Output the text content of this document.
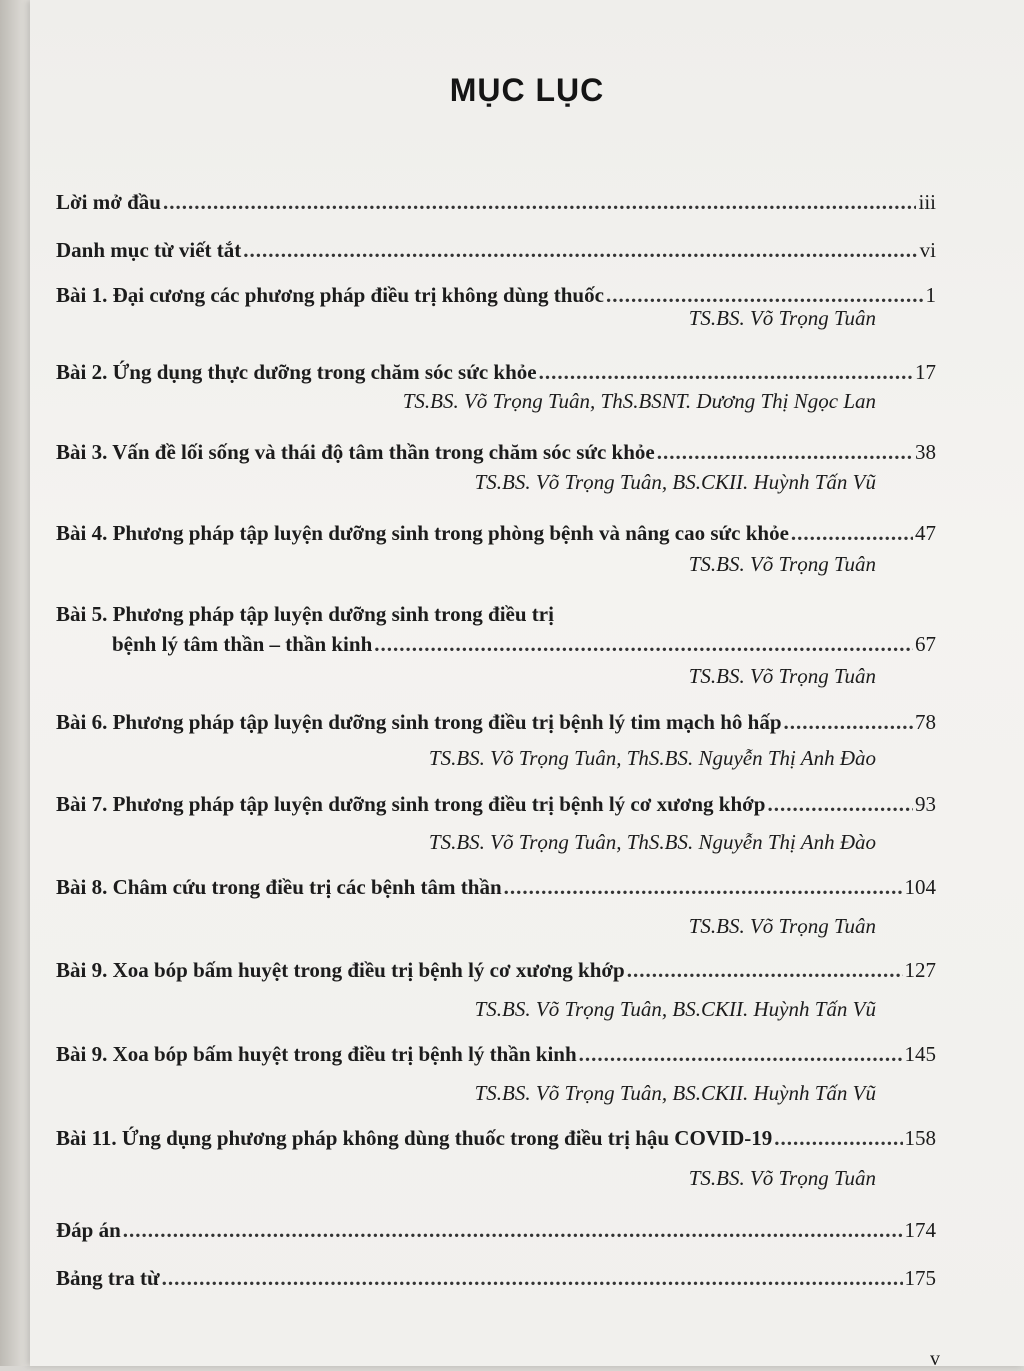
MỤC LỤC
Lời mở đầu .....	iii
Danh mục từ viết tắt .....	vi
Bài 1. Đại cương các phương pháp điều trị không dùng thuốc .....	1
TS.BS. Võ Trọng Tuân
Bài 2. Ứng dụng thực dưỡng trong chăm sóc sức khỏe .....	17
TS.BS. Võ Trọng Tuân, ThS.BSNT. Dương Thị Ngọc Lan
Bài 3. Vấn đề lối sống và thái độ tâm thần trong chăm sóc sức khỏe .....	38
TS.BS. Võ Trọng Tuân, BS.CKII. Huỳnh Tấn Vũ
Bài 4. Phương pháp tập luyện dưỡng sinh trong phòng bệnh và nâng cao sức khỏe .....	47
TS.BS. Võ Trọng Tuân
Bài 5. Phương pháp tập luyện dưỡng sinh trong điều trị
bệnh lý tâm thần – thần kinh .....	67
TS.BS. Võ Trọng Tuân
Bài 6. Phương pháp tập luyện dưỡng sinh trong điều trị bệnh lý tim mạch hô hấp .....	78
TS.BS. Võ Trọng Tuân, ThS.BS. Nguyễn Thị Anh Đào
Bài 7. Phương pháp tập luyện dưỡng sinh trong điều trị bệnh lý cơ xương khớp .....	93
TS.BS. Võ Trọng Tuân, ThS.BS. Nguyễn Thị Anh Đào
Bài 8. Châm cứu trong điều trị các bệnh tâm thần .....	104
TS.BS. Võ Trọng Tuân
Bài 9. Xoa bóp bấm huyệt trong điều trị bệnh lý cơ xương khớp .....	127
TS.BS. Võ Trọng Tuân, BS.CKII. Huỳnh Tấn Vũ
Bài 9. Xoa bóp bấm huyệt trong điều trị bệnh lý thần kinh .....	145
TS.BS. Võ Trọng Tuân, BS.CKII. Huỳnh Tấn Vũ
Bài 11. Ứng dụng phương pháp không dùng thuốc trong điều trị hậu COVID-19 .....	158
TS.BS. Võ Trọng Tuân
Đáp án .....	174
Bảng tra từ .....	175
v
